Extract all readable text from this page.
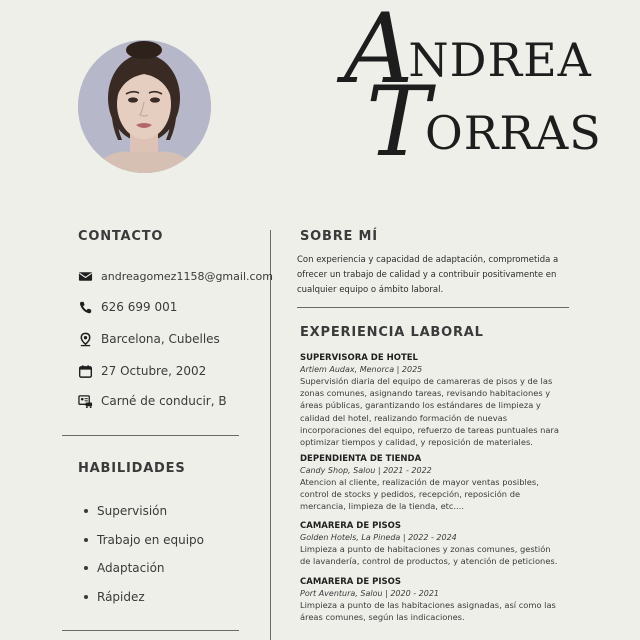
ANDREA
TORRAS
CONTACTO
andreagomez1158@gmail.com
626 699 001
Barcelona, Cubelles
27 Octubre, 2002
Carné de conducir, B
HABILIDADES
Supervisión
Trabajo en equipo
Adaptación
Rápidez
SOBRE MÍ
Con experiencia y capacidad de adaptación, comprometida a ofrecer un trabajo de calidad y a contribuir positivamente en cualquier equipo o ámbito laboral.
EXPERIENCIA LABORAL
SUPERVISORA DE HOTEL
Artiem Audax, Menorca | 2025
Supervisión diaria del equipo de camareras de pisos y de las zonas comunes, asignando tareas, revisando habitaciones y áreas públicas, garantizando los estándares de limpieza y calidad del hotel, realizando formación de nuevas incorporaciones del equipo, refuerzo de tareas puntuales nara optimizar tiempos y calidad, y reposición de materiales.
DEPENDIENTA DE TIENDA
Candy Shop, Salou | 2021 - 2022
Atencion al cliente, realización de mayor ventas posibles, control de stocks y pedidos, recepción, reposición de mercancia, limpieza de la tienda, etc....
CAMARERA DE PISOS
Golden Hotels, La Pineda | 2022 - 2024
Limpieza a punto de habitaciones y zonas comunes, gestión de lavandería, control de productos, y atención de peticiones.
CAMARERA DE PISOS
Port Aventura, Salou | 2020 - 2021
Limpieza a punto de las habitaciones asignadas, así como las áreas comunes, según las indicaciones.
